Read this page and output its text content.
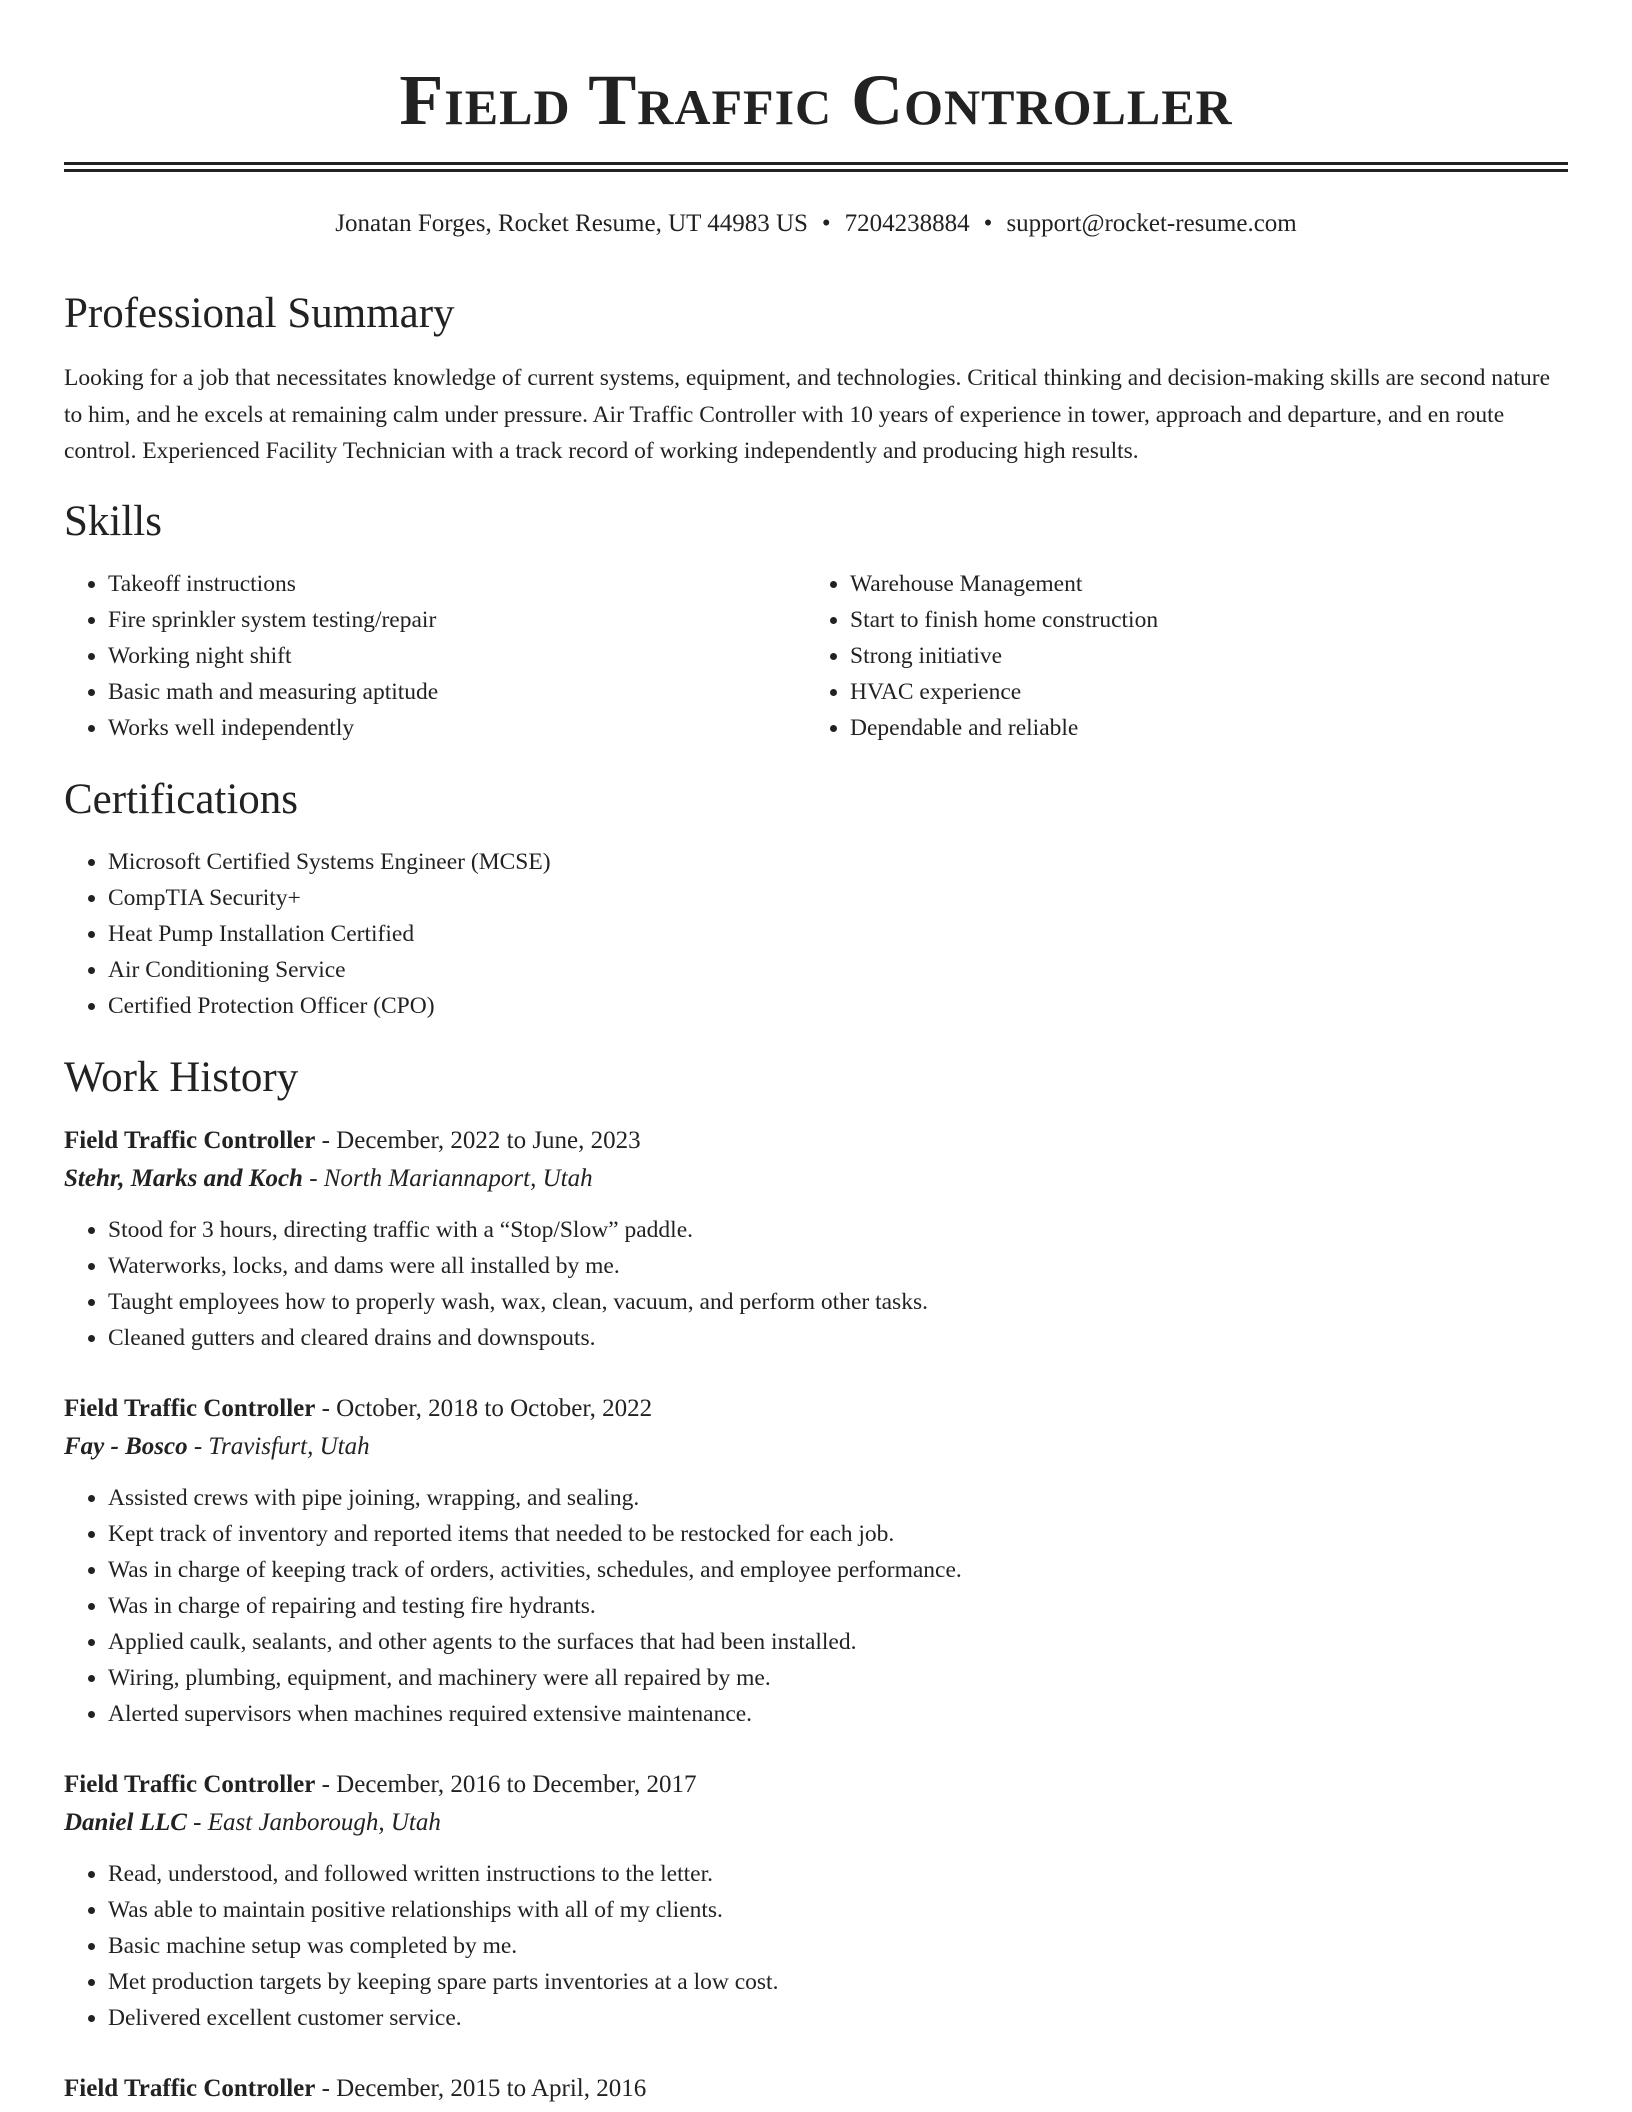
Field Traffic Controller
Jonatan Forges, Rocket Resume, UT 44983 US • 7204238884 • support@rocket-resume.com
Professional Summary

Looking for a job that necessitates knowledge of current systems, equipment, and technologies. Critical thinking and decision-making skills are second nature to him, and he excels at remaining calm under pressure. Air Traffic Controller with 10 years of experience in tower, approach and departure, and en route control. Experienced Facility Technician with a track record of working independently and producing high results.

Skills
• Takeoff instructions
• Fire sprinkler system testing/repair
• Working night shift
• Basic math and measuring aptitude
• Works well independently
• Warehouse Management
• Start to finish home construction
• Strong initiative
• HVAC experience
• Dependable and reliable
Certifications
• Microsoft Certified Systems Engineer (MCSE)
• CompTIA Security+
• Heat Pump Installation Certified
• Air Conditioning Service
• Certified Protection Officer (CPO)
Work History
Field Traffic Controller - December, 2022 to June, 2023
Stehr, Marks and Koch - North Mariannaport, Utah
• Stood for 3 hours, directing traffic with a “Stop/Slow” paddle.
• Waterworks, locks, and dams were all installed by me.
• Taught employees how to properly wash, wax, clean, vacuum, and perform other tasks.
• Cleaned gutters and cleared drains and downspouts.
Field Traffic Controller - October, 2018 to October, 2022
Fay - Bosco - Travisfurt, Utah
• Assisted crews with pipe joining, wrapping, and sealing.
• Kept track of inventory and reported items that needed to be restocked for each job.
• Was in charge of keeping track of orders, activities, schedules, and employee performance.
• Was in charge of repairing and testing fire hydrants.
• Applied caulk, sealants, and other agents to the surfaces that had been installed.
• Wiring, plumbing, equipment, and machinery were all repaired by me.
• Alerted supervisors when machines required extensive maintenance.
Field Traffic Controller - December, 2016 to December, 2017
Daniel LLC - East Janborough, Utah
• Read, understood, and followed written instructions to the letter.
• Was able to maintain positive relationships with all of my clients.
• Basic machine setup was completed by me.
• Met production targets by keeping spare parts inventories at a low cost.
• Delivered excellent customer service.
Field Traffic Controller - December, 2015 to April, 2016
